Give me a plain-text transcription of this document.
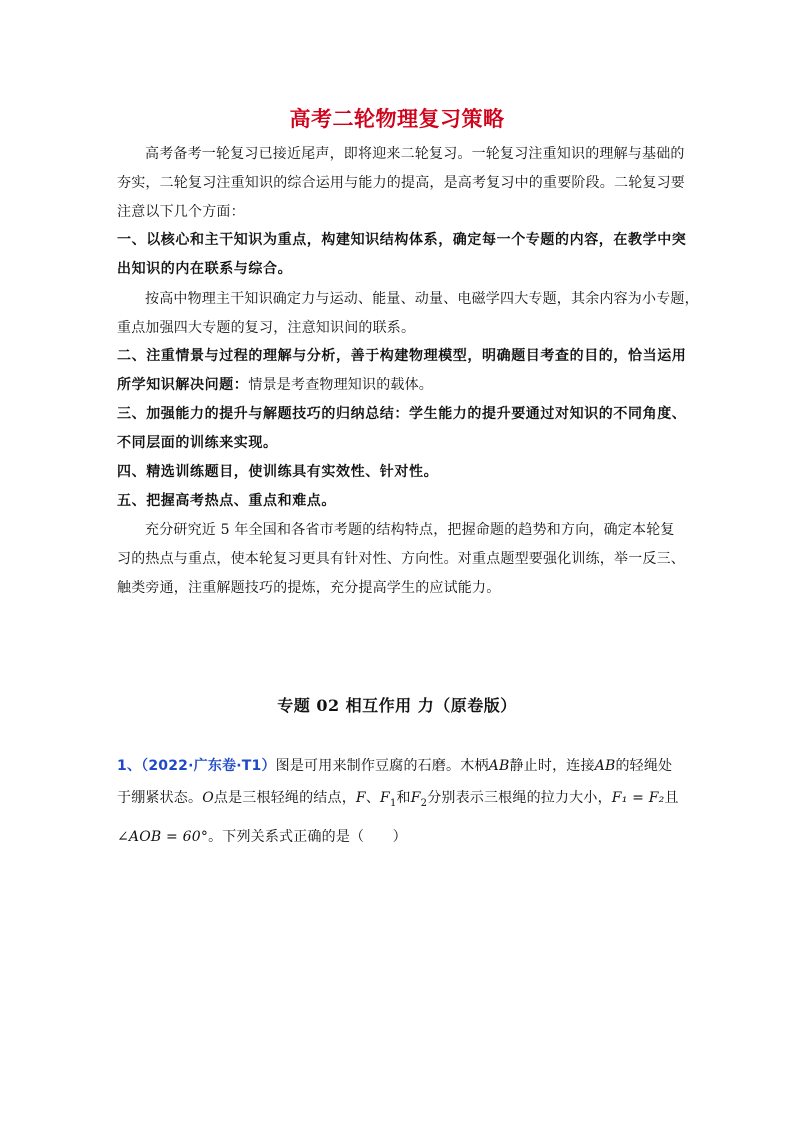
高考二轮物理复习策略
高考备考一轮复习已接近尾声，即将迎来二轮复习。一轮复习注重知识的理解与基础的
夯实，二轮复习注重知识的综合运用与能力的提高，是高考复习中的重要阶段。二轮复习要
注意以下几个方面：
一、以核心和主干知识为重点，构建知识结构体系，确定每一个专题的内容，在教学中突
出知识的内在联系与综合。
按高中物理主干知识确定力与运动、能量、动量、电磁学四大专题，其余内容为小专题，
重点加强四大专题的复习，注意知识间的联系。
二、注重情景与过程的理解与分析，善于构建物理模型，明确题目考查的目的，恰当运用
所学知识解决问题：情景是考查物理知识的载体。
三、加强能力的提升与解题技巧的归纳总结：学生能力的提升要通过对知识的不同角度、
不同层面的训练来实现。
四、精选训练题目，使训练具有实效性、针对性。
五、把握高考热点、重点和难点。
充分研究近 5 年全国和各省市考题的结构特点，把握命题的趋势和方向，确定本轮复
习的热点与重点，使本轮复习更具有针对性、方向性。对重点题型要强化训练，举一反三、
触类旁通，注重解题技巧的提炼，充分提高学生的应试能力。
专题 02 相互作用 力（原卷版）
1、（2022·广东卷·T1）图是可用来制作豆腐的石磨。木柄AB静止时，连接AB的轻绳处
于绷紧状态。O点是三根轻绳的结点，F、$F_1$和$F_2$分别表示三根绳的拉力大小，F₁ = F₂且
∠AOB = 60°。下列关系式正确的是（　　）
